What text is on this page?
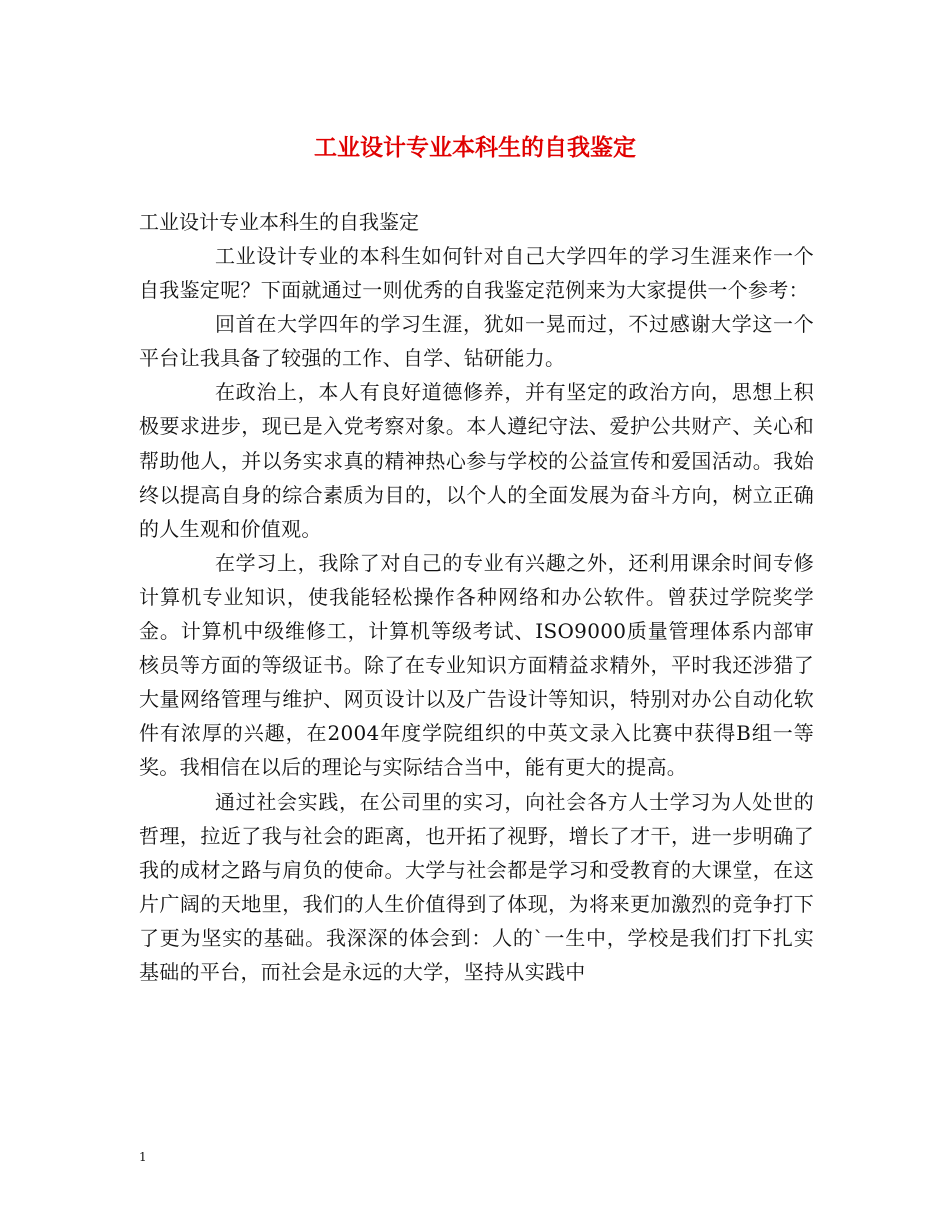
工业设计专业本科生的自我鉴定

工业设计专业本科生的自我鉴定

工业设计专业的本科生如何针对自己大学四年的学习生涯来作一个自我鉴定呢？下面就通过一则优秀的自我鉴定范例来为大家提供一个参考：

回首在大学四年的学习生涯，犹如一晃而过，不过感谢大学这一个平台让我具备了较强的工作、自学、钻研能力。

在政治上，本人有良好道德修养，并有坚定的政治方向，思想上积极要求进步，现已是入党考察对象。本人遵纪守法、爱护公共财产、关心和帮助他人，并以务实求真的精神热心参与学校的公益宣传和爱国活动。我始终以提高自身的综合素质为目的，以个人的全面发展为奋斗方向，树立正确的人生观和价值观。

在学习上，我除了对自己的专业有兴趣之外，还利用课余时间专修计算机专业知识，使我能轻松操作各种网络和办公软件。曾获过学院奖学金。计算机中级维修工，计算机等级考试、ISO9000质量管理体系内部审核员等方面的等级证书。除了在专业知识方面精益求精外，平时我还涉猎了大量网络管理与维护、网页设计以及广告设计等知识，特别对办公自动化软件有浓厚的兴趣，在2004年度学院组织的中英文录入比赛中获得B组一等奖。我相信在以后的理论与实际结合当中，能有更大的提高。

通过社会实践，在公司里的实习，向社会各方人士学习为人处世的哲理，拉近了我与社会的距离，也开拓了视野，增长了才干，进一步明确了我的成材之路与肩负的使命。大学与社会都是学习和受教育的大课堂，在这片广阔的天地里，我们的人生价值得到了体现，为将来更加激烈的竞争打下了更为坚实的基础。我深深的体会到：人的`一生中，学校是我们打下扎实基础的平台，而社会是永远的大学，坚持从实践中

1
